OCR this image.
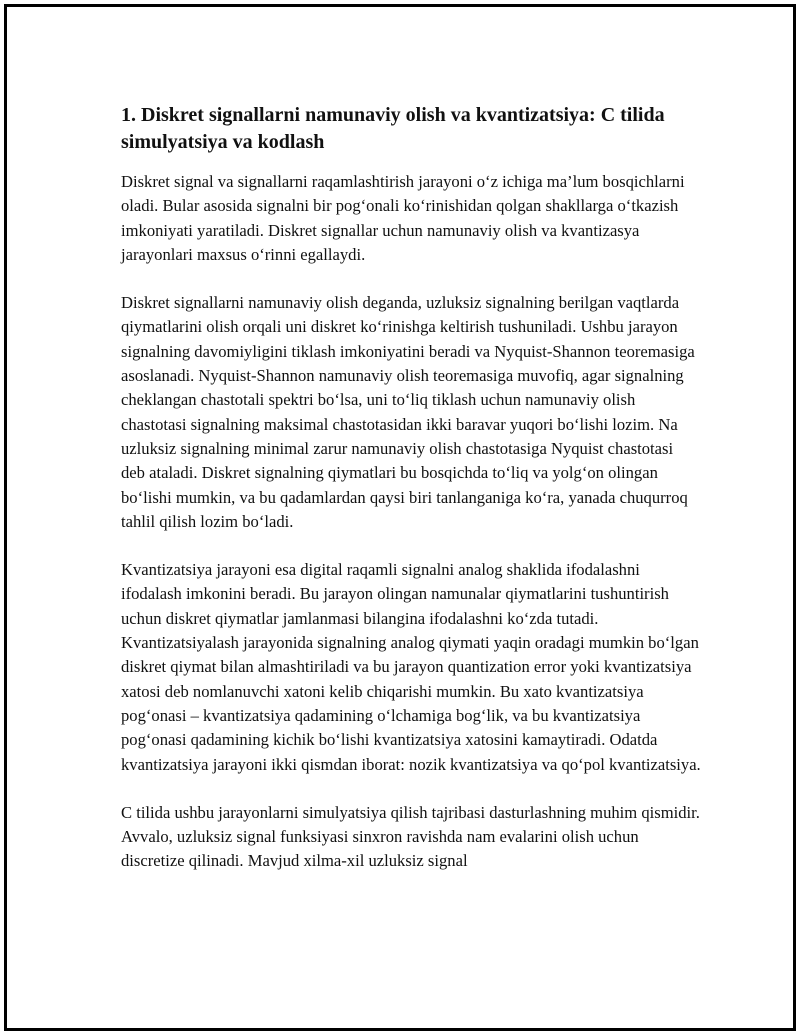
1. Diskret signallarni namunaviy olish va kvantizatsiya: C tilida simulyatsiya va kodlash

Diskret signal va signallarni raqamlashtirish jarayoni o‘z ichiga ma’lum bosqichlarni oladi. Bular asosida signalni bir pog‘onali ko‘rinishidan qolgan shakllarga o‘tkazish imkoniyati yaratiladi. Diskret signallar uchun namunaviy olish va kvantizasya jarayonlari maxsus o‘rinni egallaydi.

Diskret signallarni namunaviy olish deganda, uzluksiz signalning berilgan vaqtlarda qiymatlarini olish orqali uni diskret ko‘rinishga keltirish tushuniladi. Ushbu jarayon signalning davomiyligini tiklash imkoniyatini beradi va Nyquist-Shannon teoremasiga asoslanadi. Nyquist-Shannon namunaviy olish teoremasiga muvofiq, agar signalning cheklangan chastotali spektri bo‘lsa, uni to‘liq tiklash uchun namunaviy olish chastotasi signalning maksimal chastotasidan ikki baravar yuqori bo‘lishi lozim. Na uzluksiz signalning minimal zarur namunaviy olish chastotasiga Nyquist chastotasi deb ataladi. Diskret signalning qiymatlari bu bosqichda to‘liq va yolg‘on olingan bo‘lishi mumkin, va bu qadamlardan qaysi biri tanlanganiga ko‘ra, yanada chuqurroq tahlil qilish lozim bo‘ladi.

Kvantizatsiya jarayoni esa digital raqamli signalni analog shaklida ifodalashni ifodalash imkonini beradi. Bu jarayon olingan namunalar qiymatlarini tushuntirish uchun diskret qiymatlar jamlanmasi bilangina ifodalashni ko‘zda tutadi. Kvantizatsiyalash jarayonida signalning analog qiymati yaqin oradagi mumkin bo‘lgan diskret qiymat bilan almashtiriladi va bu jarayon quantization error yoki kvantizatsiya xatosi deb nomlanuvchi xatoni kelib chiqarishi mumkin. Bu xato kvantizatsiya pog‘onasi – kvantizatsiya qadamining o‘lchamiga bog‘lik, va bu kvantizatsiya pog‘onasi qadamining kichik bo‘lishi kvantizatsiya xatosini kamaytiradi. Odatda kvantizatsiya jarayoni ikki qismdan iborat: nozik kvantizatsiya va qo‘pol kvantizatsiya.

C tilida ushbu jarayonlarni simulyatsiya qilish tajribasi dasturlashning muhim qismidir. Avvalo, uzluksiz signal funksiyasi sinxron ravishda nam evalarini olish uchun discretize qilinadi. Mavjud xilma-xil uzluksiz signal
